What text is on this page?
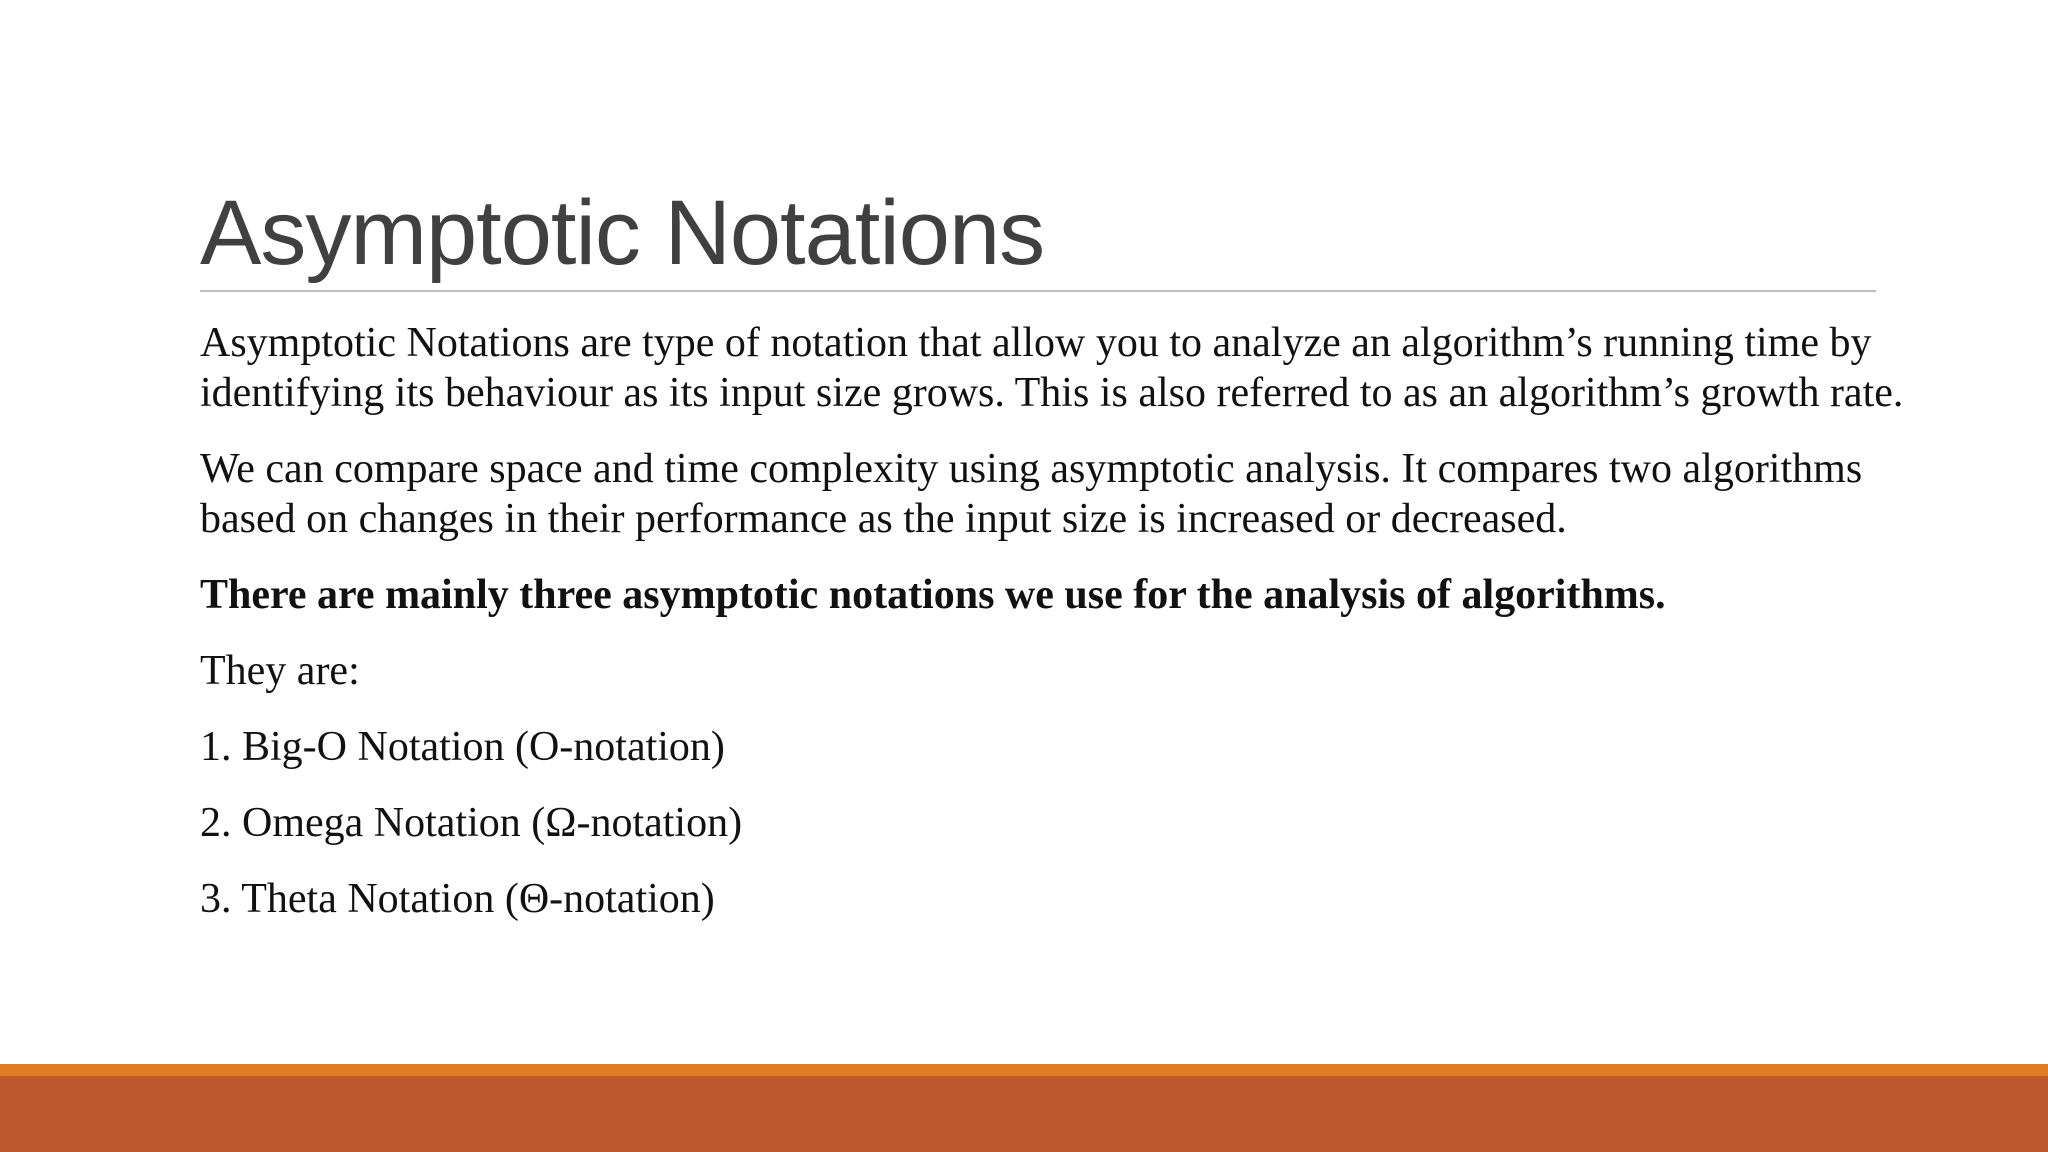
Asymptotic Notations

Asymptotic Notations are type of notation that allow you to analyze an algorithm’s running time by identifying its behaviour as its input size grows. This is also referred to as an algorithm’s growth rate.

We can compare space and time complexity using asymptotic analysis. It compares two algorithms based on changes in their performance as the input size is increased or decreased.

There are mainly three asymptotic notations we use for the analysis of algorithms.

They are:

1. Big-O Notation (O-notation)

2. Omega Notation (Ω-notation)

3. Theta Notation (Θ-notation)
